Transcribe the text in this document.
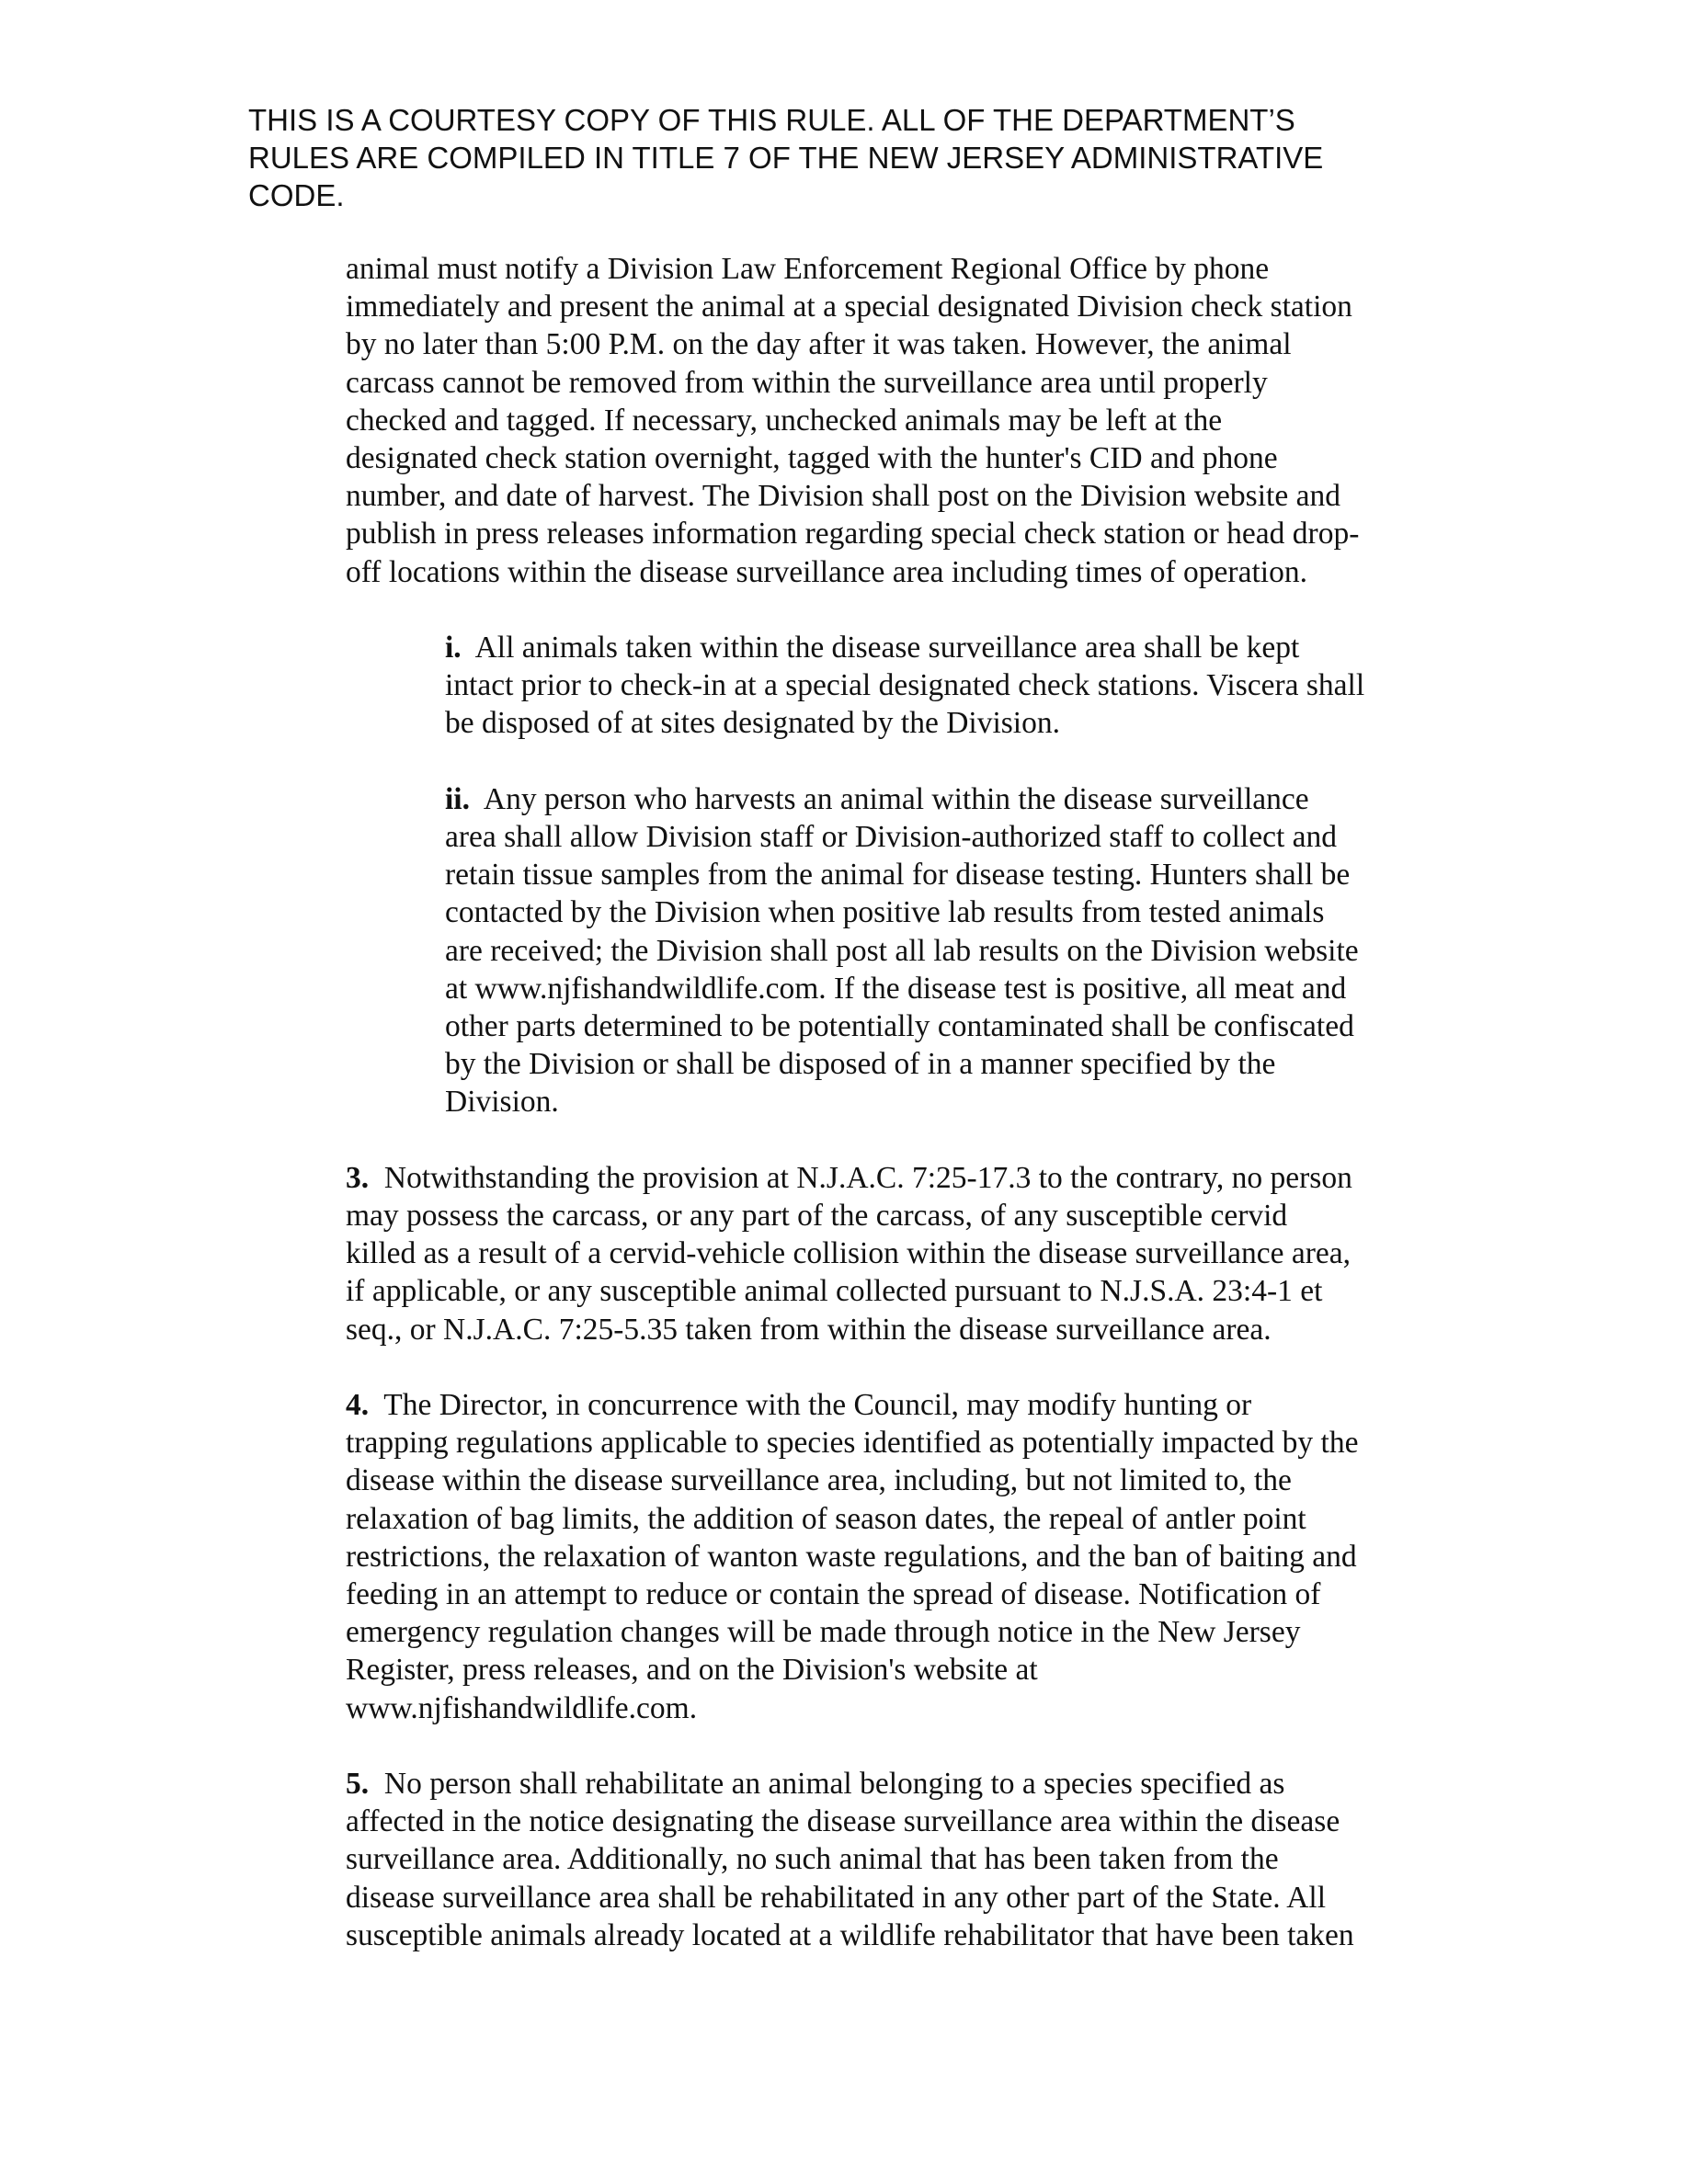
THIS IS A COURTESY COPY OF THIS RULE. ALL OF THE DEPARTMENT’S
RULES ARE COMPILED IN TITLE 7 OF THE NEW JERSEY ADMINISTRATIVE
CODE.
animal must notify a Division Law Enforcement Regional Office by phone
immediately and present the animal at a special designated Division check station
by no later than 5:00 P.M. on the day after it was taken. However, the animal
carcass cannot be removed from within the surveillance area until properly
checked and tagged. If necessary, unchecked animals may be left at the
designated check station overnight, tagged with the hunter's CID and phone
number, and date of harvest. The Division shall post on the Division website and
publish in press releases information regarding special check station or head drop-
off locations within the disease surveillance area including times of operation.
i. All animals taken within the disease surveillance area shall be kept
intact prior to check-in at a special designated check stations. Viscera shall
be disposed of at sites designated by the Division.
ii. Any person who harvests an animal within the disease surveillance
area shall allow Division staff or Division-authorized staff to collect and
retain tissue samples from the animal for disease testing. Hunters shall be
contacted by the Division when positive lab results from tested animals
are received; the Division shall post all lab results on the Division website
at www.njfishandwildlife.com. If the disease test is positive, all meat and
other parts determined to be potentially contaminated shall be confiscated
by the Division or shall be disposed of in a manner specified by the
Division.
3. Notwithstanding the provision at N.J.A.C. 7:25-17.3 to the contrary, no person
may possess the carcass, or any part of the carcass, of any susceptible cervid
killed as a result of a cervid-vehicle collision within the disease surveillance area,
if applicable, or any susceptible animal collected pursuant to N.J.S.A. 23:4-1 et
seq., or N.J.A.C. 7:25-5.35 taken from within the disease surveillance area.
4. The Director, in concurrence with the Council, may modify hunting or
trapping regulations applicable to species identified as potentially impacted by the
disease within the disease surveillance area, including, but not limited to, the
relaxation of bag limits, the addition of season dates, the repeal of antler point
restrictions, the relaxation of wanton waste regulations, and the ban of baiting and
feeding in an attempt to reduce or contain the spread of disease. Notification of
emergency regulation changes will be made through notice in the New Jersey
Register, press releases, and on the Division's website at
www.njfishandwildlife.com.
5. No person shall rehabilitate an animal belonging to a species specified as
affected in the notice designating the disease surveillance area within the disease
surveillance area. Additionally, no such animal that has been taken from the
disease surveillance area shall be rehabilitated in any other part of the State. All
susceptible animals already located at a wildlife rehabilitator that have been taken
